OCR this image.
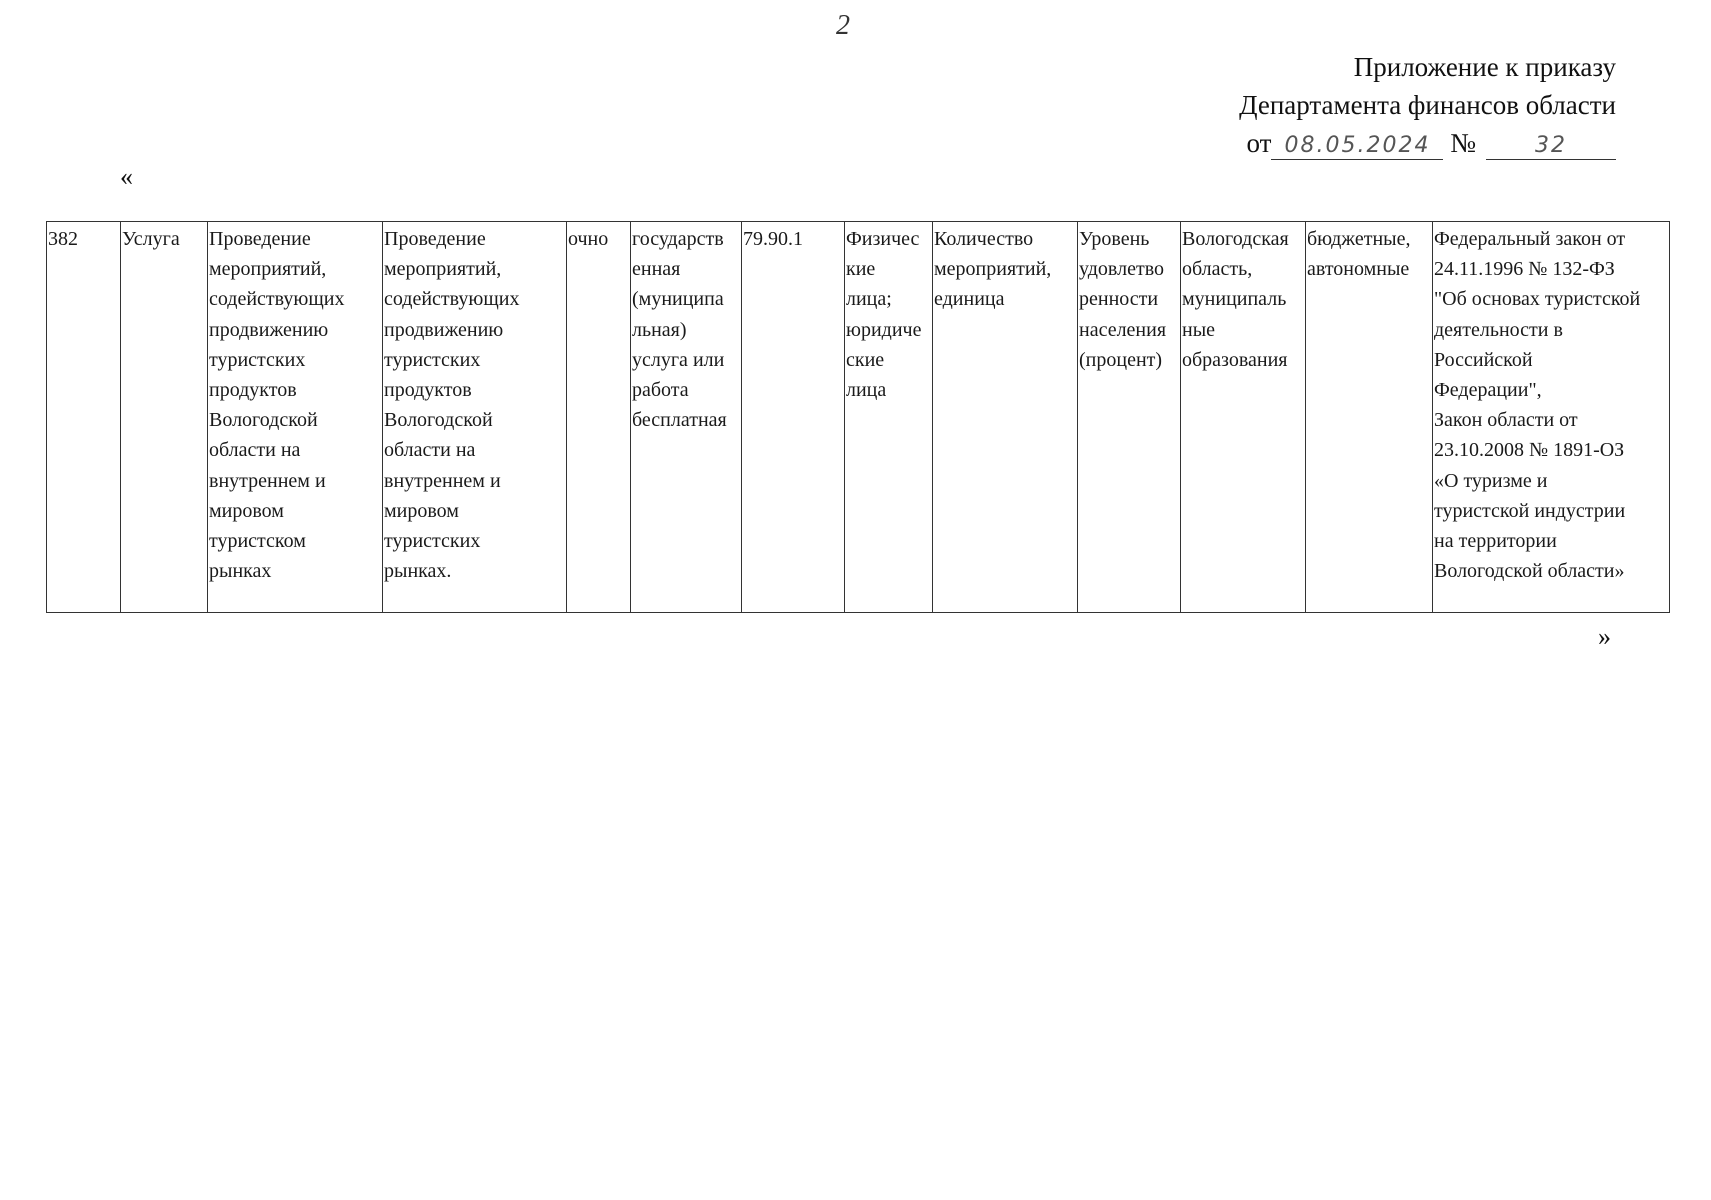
2
Приложение к приказу
Департамента финансов области
от 08.05.2024 №	32
«
382	Услуга	Проведение
мероприятий,
содействующих
продвижению
туристских
продуктов
Вологодской
области на
внутреннем и
мировом
туристском
рынках	Проведение
мероприятий,
содействующих
продвижению
туристских
продуктов
Вологодской
области на
внутреннем и
мировом
туристских
рынках.	очно	государств
енная
(муниципа
льная)
услуга или
работа
бесплатная	79.90.1	Физичес
кие
лица;
юридиче
ские
лица	Количество
мероприятий,
единица	Уровень
удовлетво
ренности
населения
(процент)	Вологодская
область,
муниципаль
ные
образования	бюджетные,
автономные	Федеральный закон от
24.11.1996 № 132-ФЗ
"Об основах туристской
деятельности в
Российской
Федерации",
Закон области от
23.10.2008 № 1891-ОЗ
«О туризме и
туристской индустрии
на территории
Вологодской области»
»
